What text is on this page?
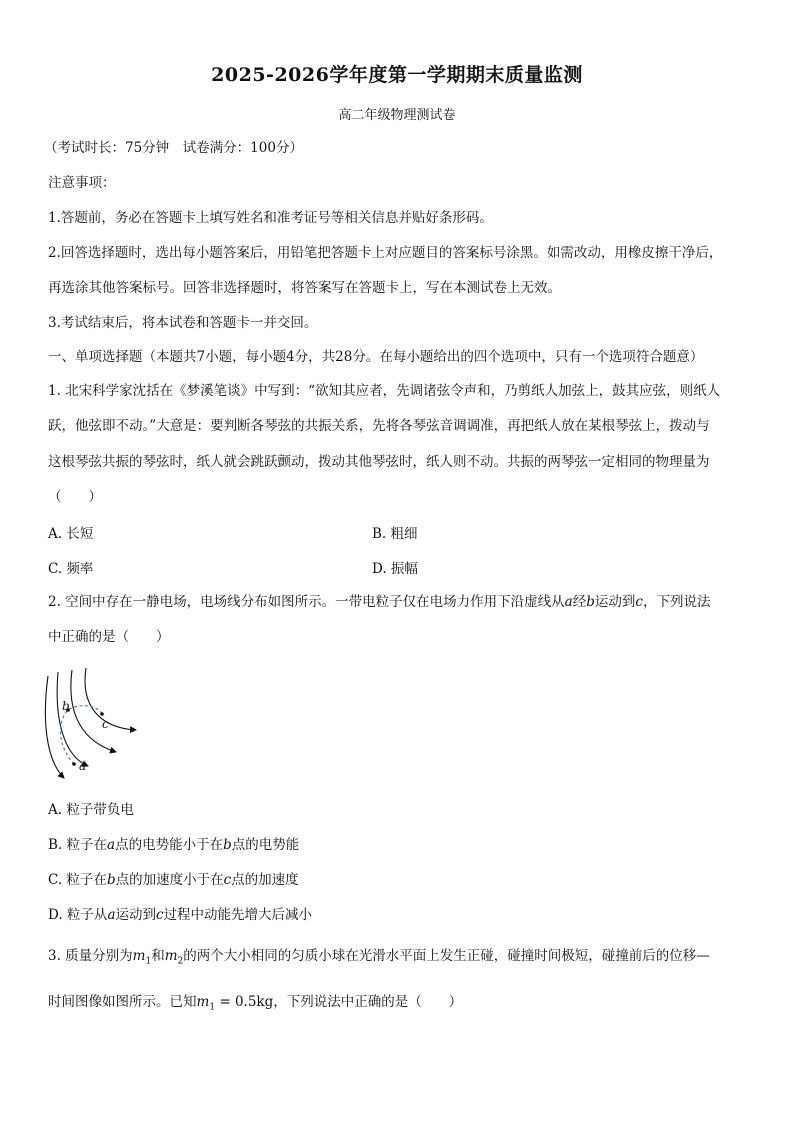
2025-2026学年度第一学期期末质量监测
高二年级物理测试卷
（考试时长：75分钟　试卷满分：100分）
注意事项：
1.答题前，务必在答题卡上填写姓名和准考证号等相关信息并贴好条形码。
2.回答选择题时，选出每小题答案后，用铅笔把答题卡上对应题目的答案标号涂黑。如需改动，用橡皮擦干净后，
再选涂其他答案标号。回答非选择题时，将答案写在答题卡上，写在本测试卷上无效。
3.考试结束后，将本试卷和答题卡一并交回。
一、单项选择题（本题共7小题，每小题4分，共28分。在每小题给出的四个选项中，只有一个选项符合题意）
1. 北宋科学家沈括在《梦溪笔谈》中写到：“欲知其应者，先调诸弦令声和，乃剪纸人加弦上，鼓其应弦，则纸人
跃，他弦即不动。”大意是：要判断各琴弦的共振关系，先将各琴弦音调调准，再把纸人放在某根琴弦上，拨动与
这根琴弦共振的琴弦时，纸人就会跳跃颤动，拨动其他琴弦时，纸人则不动。共振的两琴弦一定相同的物理量为
（　　）
A. 长短	B. 粗细
C. 频率	D. 振幅
2. 空间中存在一静电场，电场线分布如图所示。一带电粒子仅在电场力作用下沿虚线从a经b运动到c，下列说法
中正确的是（　　）
a
b
c
A. 粒子带负电
B. 粒子在a点的电势能小于在b点的电势能
C. 粒子在b点的加速度小于在c点的加速度
D. 粒子从a运动到c过程中动能先增大后减小
3. 质量分别为$m_1$和$m_2$的两个大小相同的匀质小球在光滑水平面上发生正碰，碰撞时间极短，碰撞前后的位移—
时间图像如图所示。已知$m_1 = 0.5kg$，下列说法中正确的是（　　）
